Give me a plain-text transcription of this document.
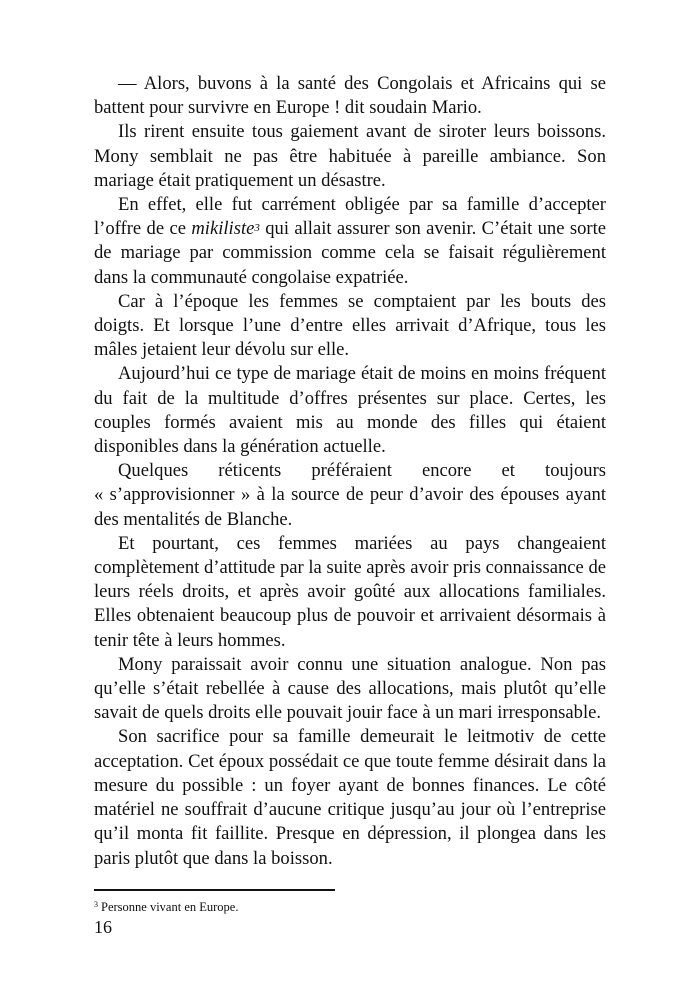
— Alors, buvons à la santé des Congolais et Africains qui se battent pour survivre en Europe ! dit soudain Mario.

Ils rirent ensuite tous gaiement avant de siroter leurs boissons. Mony semblait ne pas être habituée à pareille ambiance. Son mariage était pratiquement un désastre.

En effet, elle fut carrément obligée par sa famille d’accepter l’offre de ce mikiliste$^3$ qui allait assurer son avenir. C’était une sorte de mariage par commission comme cela se faisait régulièrement dans la communauté congolaise expatriée.

Car à l’époque les femmes se comptaient par les bouts des doigts. Et lorsque l’une d’entre elles arrivait d’Afrique, tous les mâles jetaient leur dévolu sur elle.

Aujourd’hui ce type de mariage était de moins en moins fréquent du fait de la multitude d’offres présentes sur place. Certes, les couples formés avaient mis au monde des filles qui étaient disponibles dans la génération actuelle.

Quelques réticents préféraient encore et toujours

« s’approvisionner » à la source de peur d’avoir des épouses ayant des mentalités de Blanche.

Et pourtant, ces femmes mariées au pays changeaient complètement d’attitude par la suite après avoir pris connaissance de leurs réels droits, et après avoir goûté aux allocations familiales. Elles obtenaient beaucoup plus de pouvoir et arrivaient désormais à tenir tête à leurs hommes.

Mony paraissait avoir connu une situation analogue. Non pas qu’elle s’était rebellée à cause des allocations, mais plutôt qu’elle savait de quels droits elle pouvait jouir face à un mari irresponsable.

Son sacrifice pour sa famille demeurait le leitmotiv de cette acceptation. Cet époux possédait ce que toute femme désirait dans la mesure du possible : un foyer ayant de bonnes finances. Le côté matériel ne souffrait d’aucune critique jusqu’au jour où l’entreprise qu’il monta fit faillite. Presque en dépression, il plongea dans les paris plutôt que dans la boisson.

$^3$ Personne vivant en Europe.
16
